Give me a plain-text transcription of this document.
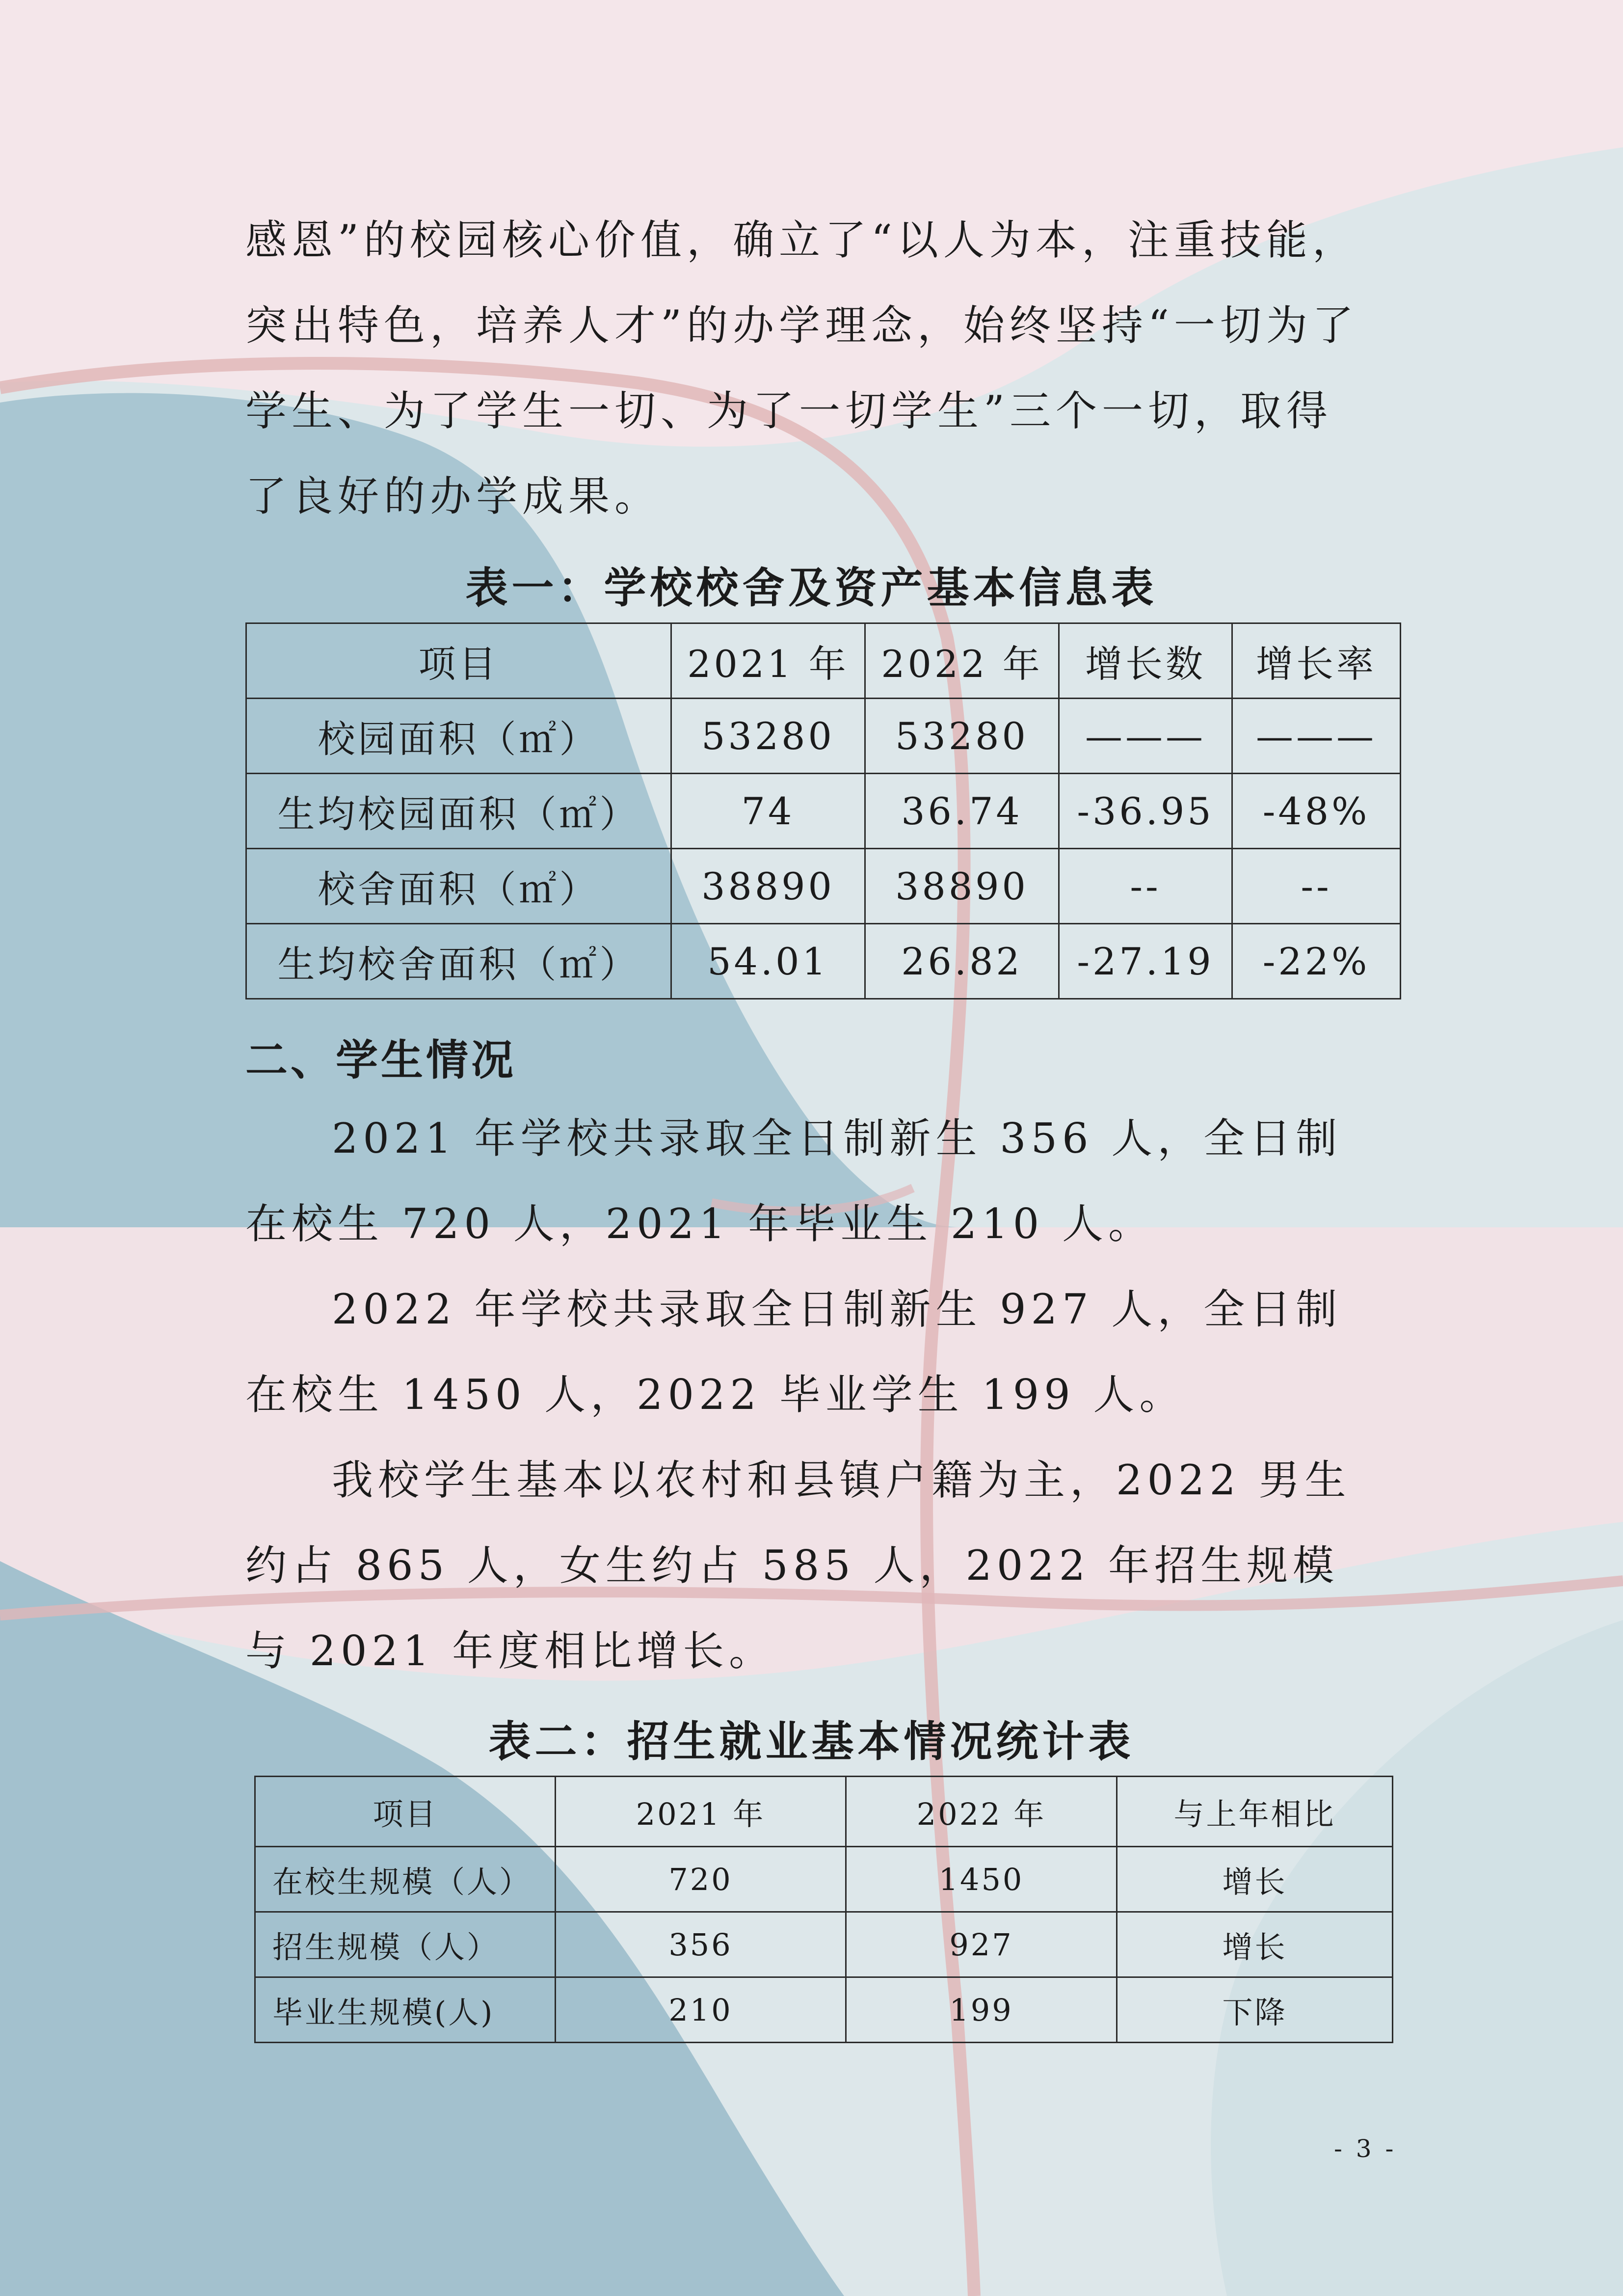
感恩”的校园核心价值，确立了“以人为本，注重技能，突出特色，培养人才”的办学理念，始终坚持“一切为了学生、为了学生一切、为了一切学生”三个一切，取得了良好的办学成果。

表一：学校校舍及资产基本信息表

项目	2021 年	2022 年	增长数	增长率
校园面积（㎡）	53280	53280	———	———
生均校园面积（㎡）	74	36.74	-36.95	-48%
校舍面积（㎡）	38890	38890	--	--
生均校舍面积（㎡）	54.01	26.82	-27.19	-22%

二、学生情况

2021 年学校共录取全日制新生 356 人，全日制在校生 720 人，2021 年毕业生 210 人。

2022 年学校共录取全日制新生 927 人，全日制在校生 1450 人，2022 毕业学生 199 人。

我校学生基本以农村和县镇户籍为主，2022 男生约占 865 人，女生约占 585 人，2022 年招生规模与 2021 年度相比增长。

表二：招生就业基本情况统计表

项目	2021 年	2022 年	与上年相比
在校生规模（人）	720	1450	增长
招生规模（人）	356	927	增长
毕业生规模(人)	210	199	下降
- 3 -
